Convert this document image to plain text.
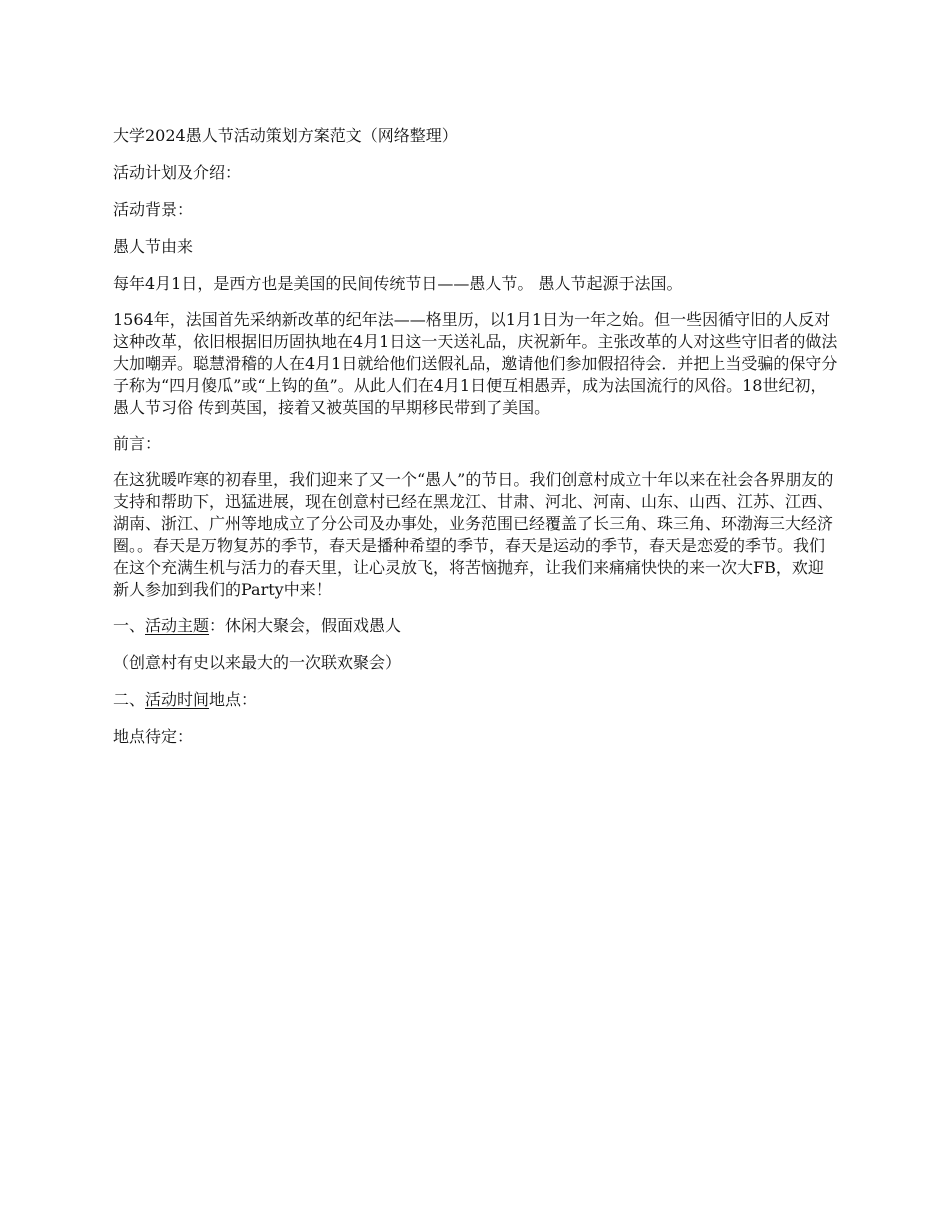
大学2024愚人节活动策划方案范文（网络整理）

活动计划及介绍：

活动背景：

愚人节由来

每年4月1日，是西方也是美国的民间传统节日——愚人节。 愚人节起源于法国。

1564年，法国首先采纳新改革的纪年法——格里历，以1月1日为一年之始。但一些因循守旧的人反对这种改革，依旧根据旧历固执地在4月1日这一天送礼品，庆祝新年。主张改革的人对这些守旧者的做法大加嘲弄。聪慧滑稽的人在4月1日就给他们送假礼品，邀请他们参加假招待会．并把上当受骗的保守分子称为“四月傻瓜”或“上钩的鱼”。从此人们在4月1日便互相愚弄，成为法国流行的风俗。18世纪初，愚人节习俗 传到英国，接着又被英国的早期移民带到了美国。

前言：

在这犹暖咋寒的初春里，我们迎来了又一个“愚人”的节日。我们创意村成立十年以来在社会各界朋友的支持和帮助下，迅猛进展，现在创意村已经在黑龙江、甘肃、河北、河南、山东、山西、江苏、江西、湖南、浙江、广州等地成立了分公司及办事处，业务范围已经覆盖了长三角、珠三角、环渤海三大经济圈。。春天是万物复苏的季节，春天是播种希望的季节，春天是运动的季节，春天是恋爱的季节。我们在这个充满生机与活力的春天里，让心灵放飞，将苦恼抛弃，让我们来痛痛快快的来一次大FB，欢迎新人参加到我们的Party中来！

一、活动主题：休闲大聚会，假面戏愚人

（创意村有史以来最大的一次联欢聚会）

二、活动时间地点：

地点待定：
